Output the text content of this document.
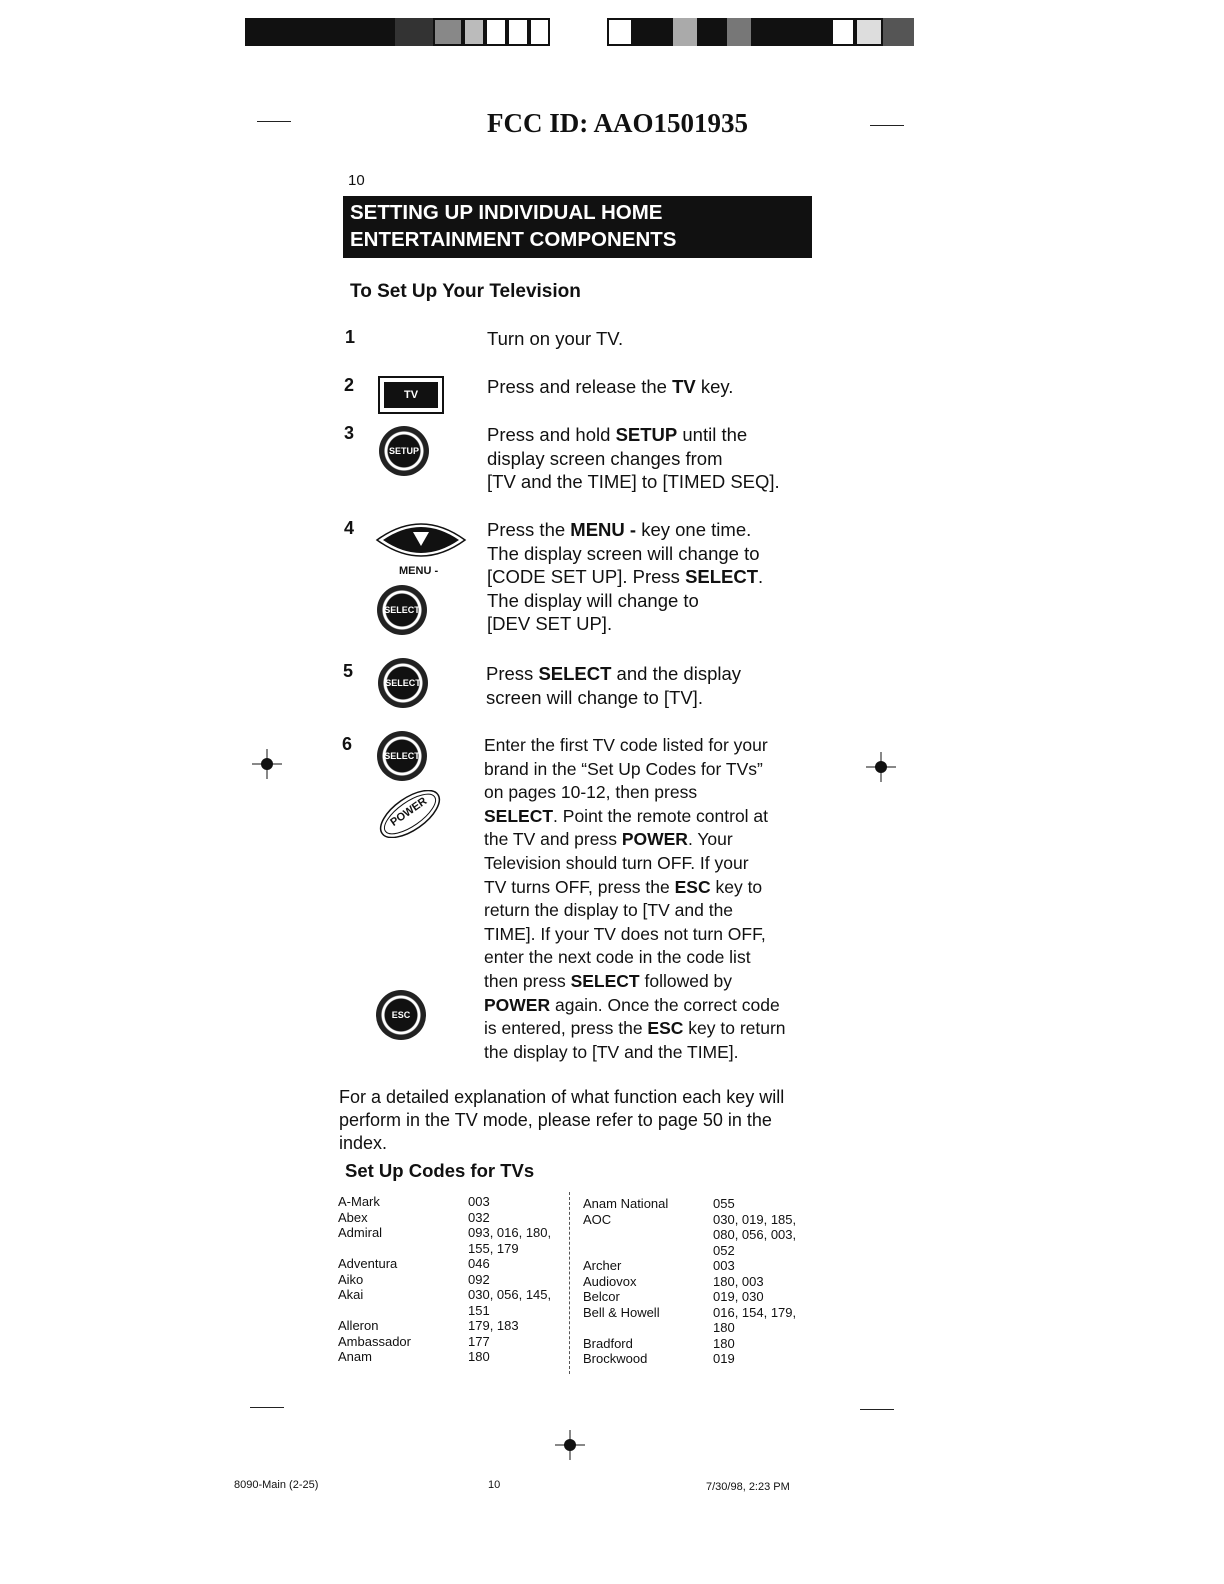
FCC ID: AAO1501935
10
SETTING UP INDIVIDUAL HOME
ENTERTAINMENT COMPONENTS
To Set Up Your Television
1
2
3
4
5
6
TV
SETUP
MENU -
SELECT
SELECT
SELECT
POWER
ESC
Turn on your TV.
Press and release the TV key.
Press and hold SETUP until the
display screen changes from
[TV and the TIME] to [TIMED SEQ].
Press the MENU - key one time.
The display screen will change to
[CODE SET UP]. Press SELECT.
The display will change to
[DEV SET UP].
Press SELECT and the display
screen will change to [TV].
Enter the first TV code listed for your
brand in the “Set Up Codes for TVs”
on pages 10-12, then press
SELECT. Point the remote control at
the TV and press POWER. Your
Television should turn OFF. If your
TV turns OFF, press the ESC key to
return the display to [TV and the
TIME]. If your TV does not turn OFF,
enter the next code in the code list
then press SELECT followed by
POWER again. Once the correct code
is entered, press the ESC key to return
the display to [TV and the TIME].
For a detailed explanation of what function each key will perform in the TV mode, please refer to page 50 in the index.
Set Up Codes for TVs
A-Mark	003
Abex	032
Admiral	093, 016, 180,
155, 179
Adventura	046
Aiko	092
Akai	030, 056, 145,
151
Alleron	179, 183
Ambassador	177
Anam	180
Anam National	055
AOC	030, 019, 185,
080, 056, 003,
052
Archer	003
Audiovox	180, 003
Belcor	019, 030
Bell & Howell	016, 154, 179,
180
Bradford	180
Brockwood	019
8090-Main (2-25)	10	7/30/98, 2:23 PM
